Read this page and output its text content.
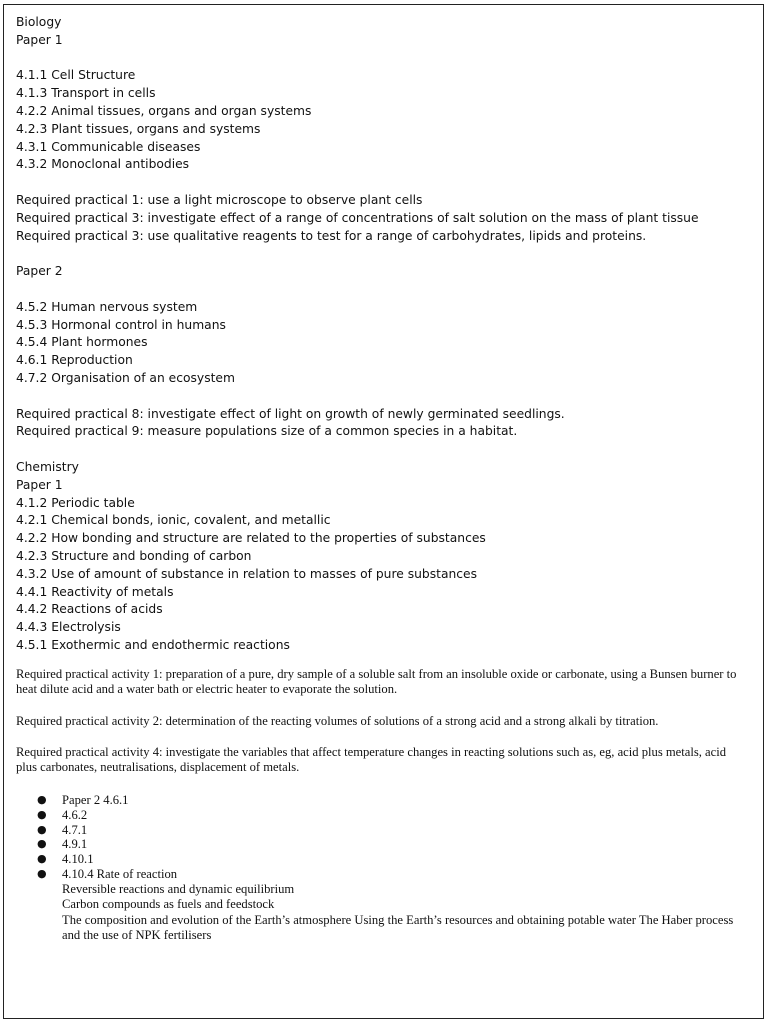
Biology
Paper 1
4.1.1 Cell Structure
4.1.3 Transport in cells
4.2.2 Animal tissues, organs and organ systems
4.2.3 Plant tissues, organs and systems
4.3.1 Communicable diseases
4.3.2 Monoclonal antibodies
Required practical 1: use a light microscope to observe plant cells
Required practical 3: investigate effect of a range of concentrations of salt solution on the mass of plant tissue
Required practical 3: use qualitative reagents to test for a range of carbohydrates, lipids and proteins.
Paper 2
4.5.2 Human nervous system
4.5.3 Hormonal control in humans
4.5.4 Plant hormones
4.6.1 Reproduction
4.7.2 Organisation of an ecosystem
Required practical 8: investigate effect of light on growth of newly germinated seedlings.
Required practical 9: measure populations size of a common species in a habitat.
Chemistry
Paper 1
4.1.2 Periodic table
4.2.1 Chemical bonds, ionic, covalent, and metallic
4.2.2 How bonding and structure are related to the properties of substances
4.2.3 Structure and bonding of carbon
4.3.2 Use of amount of substance in relation to masses of pure substances
4.4.1 Reactivity of metals
4.4.2 Reactions of acids
4.4.3 Electrolysis
4.5.1 Exothermic and endothermic reactions

Required practical activity 1: preparation of a pure, dry sample of a soluble salt from an insoluble oxide or carbonate, using a Bunsen burner to heat dilute acid and a water bath or electric heater to evaporate the solution.

Required practical activity 2: determination of the reacting volumes of solutions of a strong acid and a strong alkali by titration.

Required practical activity 4: investigate the variables that affect temperature changes in reacting solutions such as, eg, acid plus metals, acid plus carbonates, neutralisations, displacement of metals.

● Paper 2 4.6.1
● 4.6.2
● 4.7.1
● 4.9.1
● 4.10.1
● 4.10.4 Rate of reaction
Reversible reactions and dynamic equilibrium
Carbon compounds as fuels and feedstock
The composition and evolution of the Earth’s atmosphere Using the Earth’s resources and obtaining potable water The Haber process and the use of NPK fertilisers
